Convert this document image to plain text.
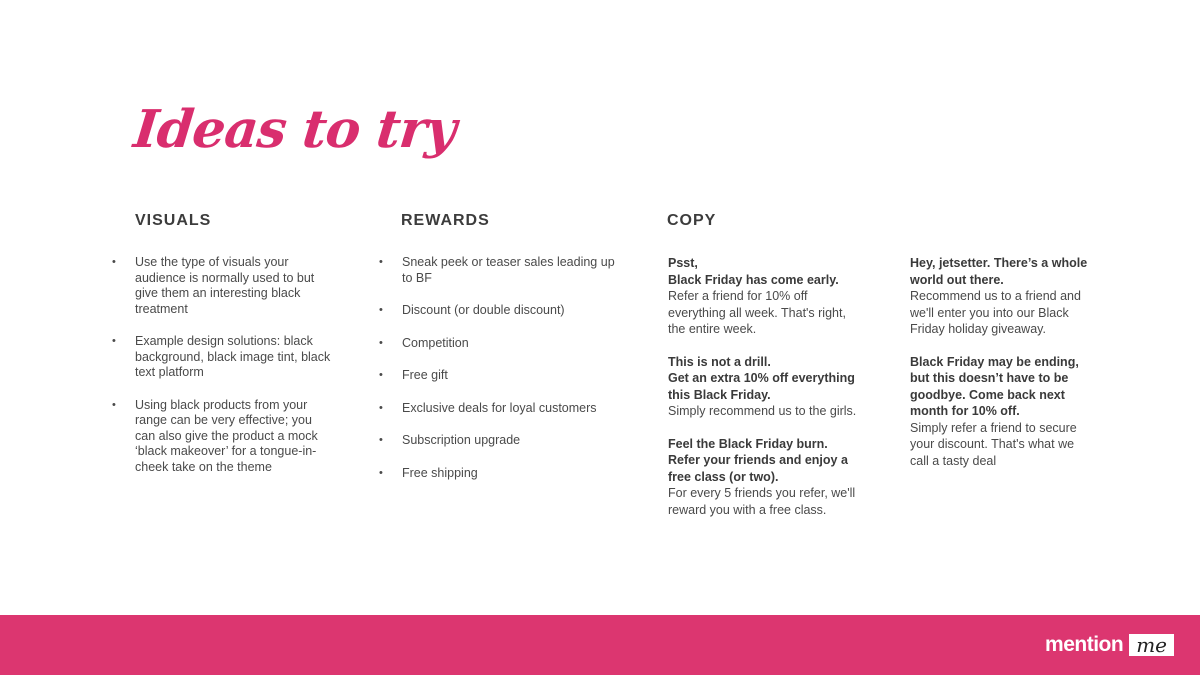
Ideas to try
VISUALS	REWARDS	COPY
• Use the type of visuals your audience is normally used to but give them an interesting black treatment
• Example design solutions: black background, black image tint, black text platform
• Using black products from your range can be very effective; you can also give the product a mock ‘black makeover’ for a tongue-in-cheek take on the theme
• Sneak peek or teaser sales leading up to BF
• Discount (or double discount)
• Competition
• Free gift
• Exclusive deals for loyal customers
• Subscription upgrade
• Free shipping
Psst,
Black Friday has come early.
Refer a friend for 10% off everything all week. That's right, the entire week.
This is not a drill.
Get an extra 10% off everything this Black Friday.
Simply recommend us to the girls.
Feel the Black Friday burn.
Refer your friends and enjoy a free class (or two).
For every 5 friends you refer, we'll reward you with a free class.
Hey, jetsetter. There’s a whole world out there.
Recommend us to a friend and we'll enter you into our Black Friday holiday giveaway.
Black Friday may be ending, but this doesn’t have to be goodbye. Come back next month for 10% off.
Simply refer a friend to secure your discount. That's what we call a tasty deal
mention me
